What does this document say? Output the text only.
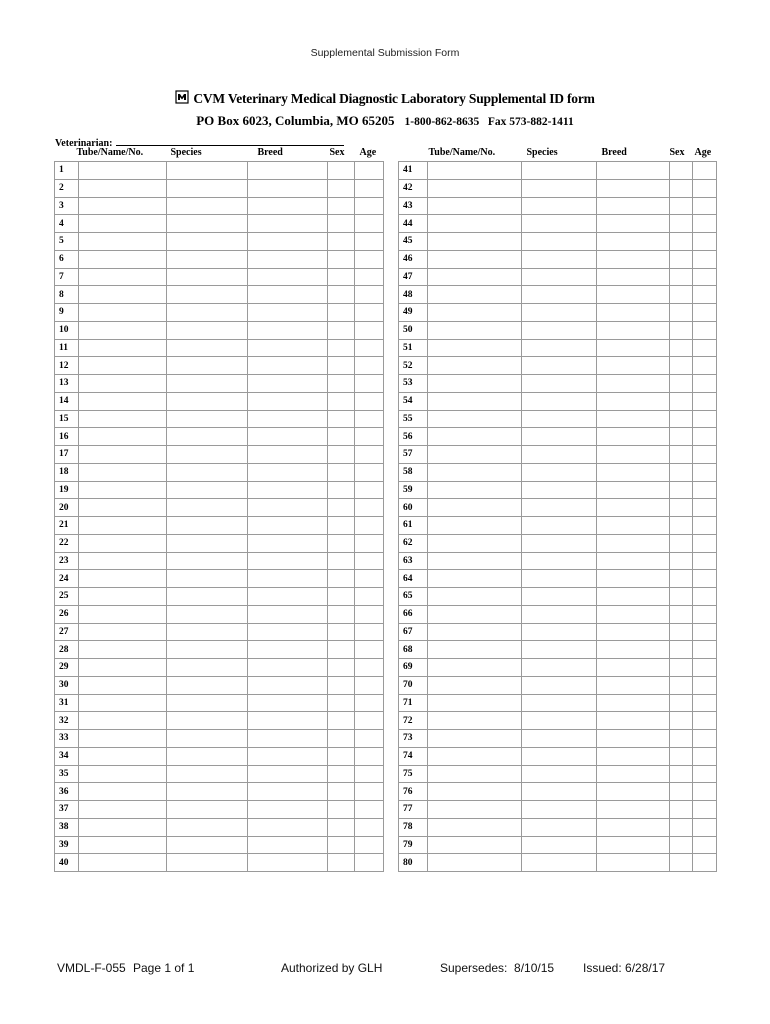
Supplemental Submission Form
CVM Veterinary Medical Diagnostic Laboratory Supplemental ID form
PO Box 6023, Columbia, MO 65205 1-800-862-8635   Fax 573-882-1411
Veterinarian:

	Tube/Name/No.	Species	Breed	Sex	Age

1					
2					
3					
4					
5					
6					
7					
8					
9					
10					
11					
12					
13					
14					
15					
16					
17					
18					
19					
20					
21					
22					
23					
24					
25					
26					
27					
28					
29					
30					
31					
32					
33					
34					
35					
36					
37					
38					
39					
40					

	Tube/Name/No.	Species	Breed	Sex	Age

41					
42					
43					
44					
45					
46					
47					
48					
49					
50					
51					
52					
53					
54					
55					
56					
57					
58					
59					
60					
61					
62					
63					
64					
65					
66					
67					
68					
69					
70					
71					
72					
73					
74					
75					
76					
77					
78					
79					
80					
VMDL-F-055 Page 1 of 1	Authorized by GLH	Supersedes:  8/10/15 Issued: 6/28/17
